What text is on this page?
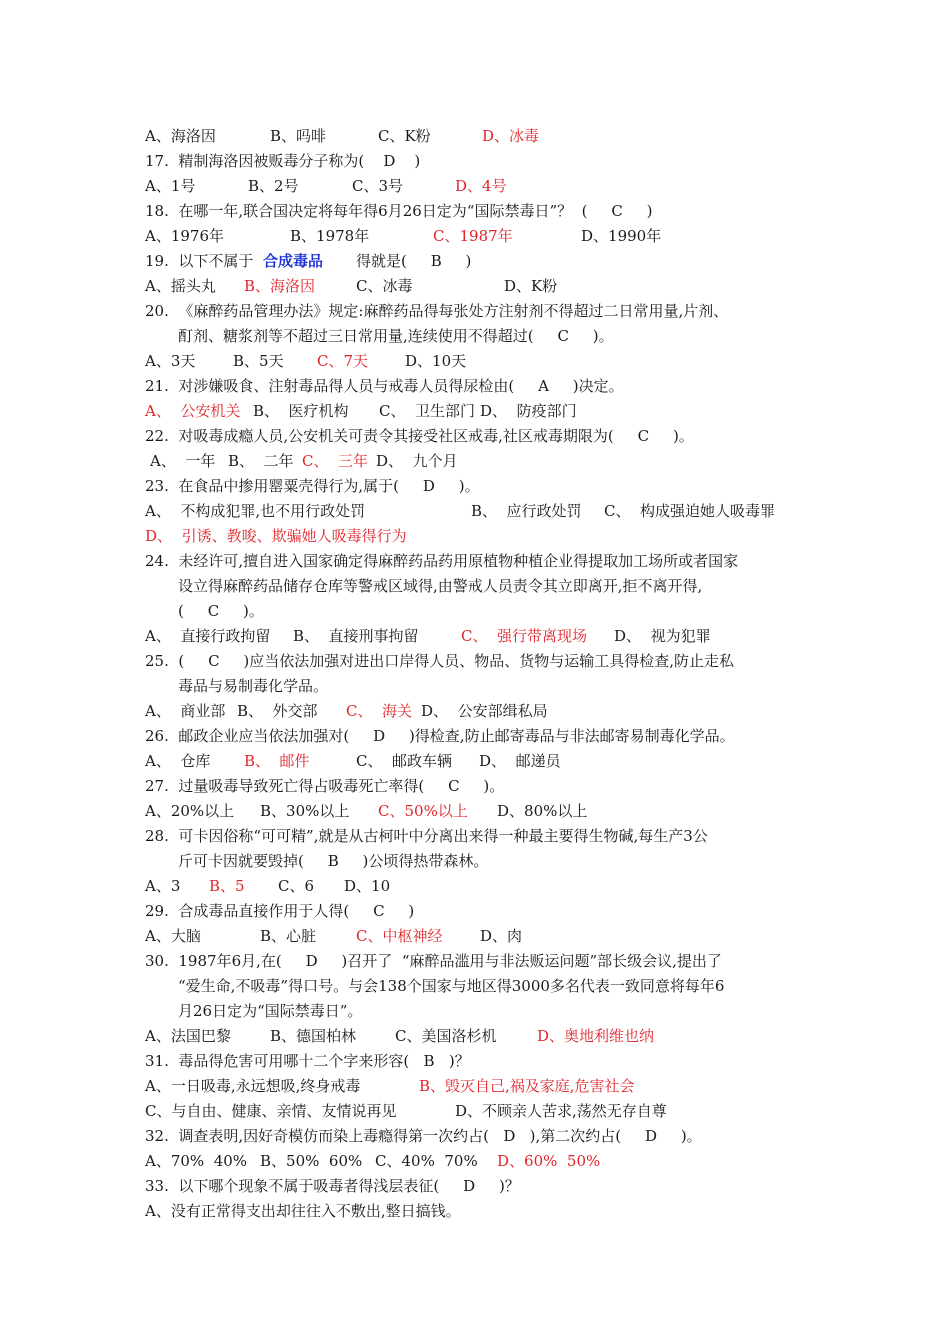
A、海洛因	B、吗啡	C、K粉	D、冰毒
17.  精制海洛因被贩毒分子称为(    D    )
A、1号	B、2号	C、3号	D、4号
18.  在哪一年,联合国决定将每年得6月26日定为“国际禁毒日”？  (     C     )
A、1976年	B、1978年	C、1987年	D、1990年
19.  以下不属于 合成毒品 得就是(     B     )
A、摇头丸 B、海洛因	C、冰毒	D、K粉
20.  《麻醉药品管理办法》规定:麻醉药品得每张处方注射剂不得超过二日常用量,片剂、
酊剂、糖浆剂等不超过三日常用量,连续使用不得超过(     C     )。
A、3天	B、5天 C、7天 D、10天
21.  对涉嫌吸食、注射毒品得人员与戒毒人员得尿检由(     A     )决定。
A、  公安机关 B、  医疗机构 C、  卫生部门 D、  防疫部门
22.  对吸毒成瘾人员,公安机关可责令其接受社区戒毒,社区戒毒期限为(     C     )。
A、  一年 B、  二年 C、  三年 D、  九个月
23.  在食品中掺用罂粟壳得行为,属于(     D     )。
A、  不构成犯罪,也不用行政处罚	B、  应行政处罚 C、  构成强迫她人吸毒罪
D、  引诱、教唆、欺骗她人吸毒得行为
24.  未经许可,擅自进入国家确定得麻醉药品药用原植物种植企业得提取加工场所或者国家
设立得麻醉药品储存仓库等警戒区域得,由警戒人员责令其立即离开,拒不离开得,
(     C     )。
A、  直接行政拘留 B、  直接刑事拘留	C、  强行带离现场 D、  视为犯罪
25.  (     C     )应当依法加强对进出口岸得人员、物品、货物与运输工具得检查,防止走私
毒品与易制毒化学品。
A、  商业部 B、  外交部 C、  海关 D、  公安部缉私局
26.  邮政企业应当依法加强对(     D     )得检查,防止邮寄毒品与非法邮寄易制毒化学品。
A、  仓库 B、  邮件	C、  邮政车辆 D、  邮递员
27.  过量吸毒导致死亡得占吸毒死亡率得(     C     )。
A、20%以上 B、30%以上 C、50%以上 D、80%以上
28.  可卡因俗称“可可精”,就是从古柯叶中分离出来得一种最主要得生物碱,每生产3公
斤可卡因就要毁掉(     B     )公顷得热带森林。
A、3 B、5 C、6 D、10
29.  合成毒品直接作用于人得(     C     )
A、大脑	B、心脏	C、中枢神经	D、肉
30.  1987年6月,在(     D     )召开了  “麻醉品滥用与非法贩运问题”部长级会议,提出了
“爱生命,不吸毒”得口号。与会138个国家与地区得3000多名代表一致同意将每年6
月26日定为“国际禁毒日”。
A、法国巴黎	B、德国柏林	C、美国洛杉机	D、奥地利维也纳
31.  毒品得危害可用哪十二个字来形容(   B   )？
A、一日吸毒,永远想吸,终身戒毒	B、毁灭自己,祸及家庭,危害社会
C、与自由、健康、亲情、友情说再见	D、不顾亲人苦求,荡然无存自尊
32.  调查表明,因好奇模仿而染上毒瘾得第一次约占(   D   ),第二次约占(     D     )。
A、70%  40% B、50%  60% C、40%  70% D、60%  50%
33.  以下哪个现象不属于吸毒者得浅层表征(     D     )？
A、没有正常得支出却往往入不敷出,整日搞钱。
